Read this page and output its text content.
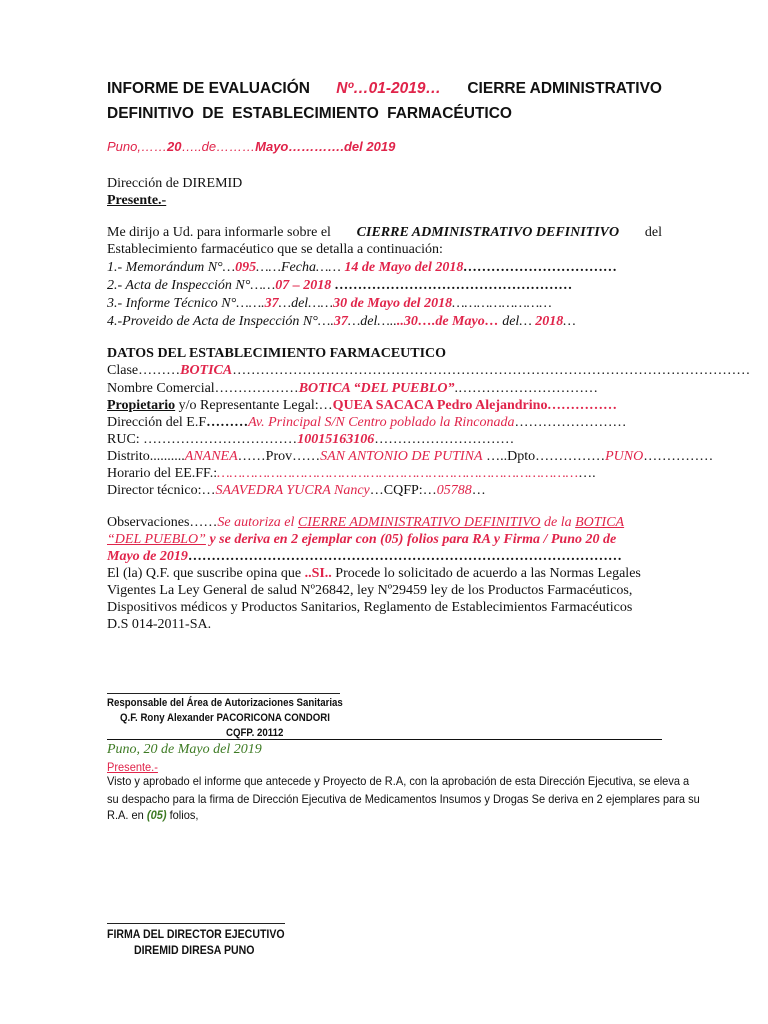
INFORME DE EVALUACIÓN Nº…01-2019… CIERRE ADMINISTRATIVO
DEFINITIVO DE ESTABLECIMIENTO FARMACÉUTICO
Puno,……20…..de………Mayo………….del 2019
Dirección de DIREMID
Presente.-
Me dirijo a Ud. para informarle sobre el CIERRE ADMINISTRATIVO DEFINITIVO del
Establecimiento farmacéutico que se detalla a continuación:
1.- Memorándum N°…095……Fecha…… 14 de Mayo del 2018……………………………
2.- Acta de Inspección N°……07 – 2018 ……………………………………………
3.- Informe Técnico N°…….37…del……30 de Mayo del 2018……………………
4.-Proveido de Acta de Inspección N°….37…del…....30….de Mayo… del… 2018…
DATOS DEL ESTABLECIMIENTO FARMACEUTICO
Clase………BOTICA…………………………………………………………………………………………………
Nombre Comercial………………BOTICA “DEL PUEBLO”.…………………………
Propietario y/o Representante Legal:…QUEA SACACA Pedro Alejandrino……………
Dirección del E.F………Av. Principal S/N Centro poblado la Rinconada……………………
RUC: ……………………………10015163106…………………………
Distrito..........ANANEA……Prov……SAN ANTONIO DE PUTINA …..Dpto……………PUNO……………
Horario del EE.FF.:……………………………………………………………………………….
Director técnico:…SAAVEDRA YUCRA Nancy…CQFP:…05788…
Observaciones……Se autoriza el CIERRE ADMINISTRATIVO DEFINITIVO de la BOTICA
“DEL PUEBLO” y se deriva en 2 ejemplar con (05) folios para RA y Firma / Puno 20 de
Mayo de 2019…………………………………………………………………………………
El (la) Q.F. que suscribe opina que ..SI.. Procede lo solicitado de acuerdo a las Normas Legales
Vigentes La Ley General de salud Nº26842, ley Nº29459 ley de los Productos Farmacéuticos,
Dispositivos médicos y Productos Sanitarios, Reglamento de Establecimientos Farmacéuticos
D.S 014-2011-SA.
Responsable del Área de Autorizaciones Sanitarias
Q.F. Rony Alexander PACORICONA CONDORI
CQFP. 20112
Puno, 20 de Mayo del 2019
Presente.-
Visto y aprobado el informe que antecede y Proyecto de R.A, con la aprobación de esta Dirección Ejecutiva, se eleva a
su despacho para la firma de Dirección Ejecutiva de Medicamentos Insumos y Drogas Se deriva en 2 ejemplares para su
R.A. en (05) folios,
FIRMA DEL DIRECTOR EJECUTIVO
DIREMID DIRESA PUNO
